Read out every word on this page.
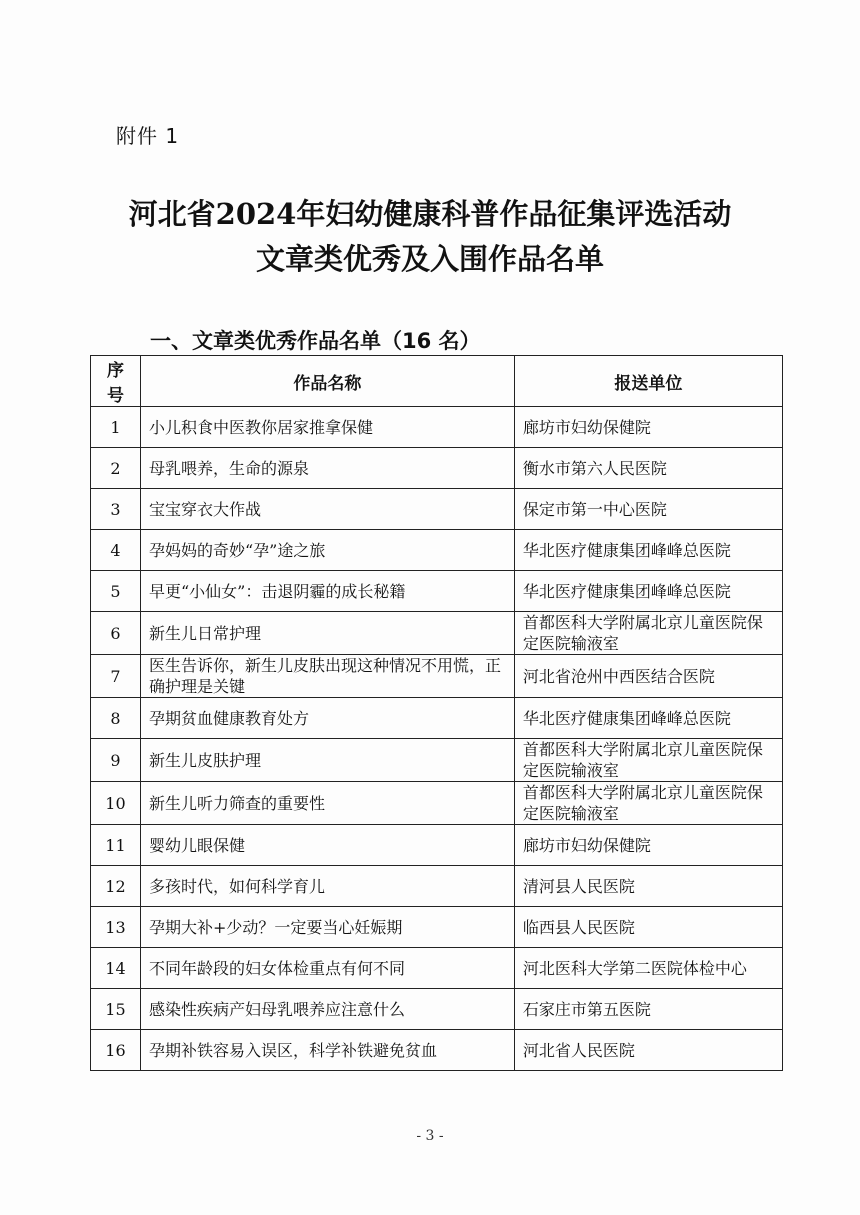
附件 1
河北省2024年妇幼健康科普作品征集评选活动
文章类优秀及入围作品名单
一、文章类优秀作品名单（16 名）
序号	作品名称	报送单位
1	小儿积食中医教你居家推拿保健	廊坊市妇幼保健院
2	母乳喂养，生命的源泉	衡水市第六人民医院
3	宝宝穿衣大作战	保定市第一中心医院
4	孕妈妈的奇妙“孕”途之旅	华北医疗健康集团峰峰总医院
5	早更“小仙女”：击退阴霾的成长秘籍	华北医疗健康集团峰峰总医院
6	新生儿日常护理	首都医科大学附属北京儿童医院保定医院输液室
7	医生告诉你，新生儿皮肤出现这种情况不用慌，正确护理是关键	河北省沧州中西医结合医院
8	孕期贫血健康教育处方	华北医疗健康集团峰峰总医院
9	新生儿皮肤护理	首都医科大学附属北京儿童医院保定医院输液室
10	新生儿听力筛查的重要性	首都医科大学附属北京儿童医院保定医院输液室
11	婴幼儿眼保健	廊坊市妇幼保健院
12	多孩时代，如何科学育儿	清河县人民医院
13	孕期大补+少动？一定要当心妊娠期	临西县人民医院
14	不同年龄段的妇女体检重点有何不同	河北医科大学第二医院体检中心
15	感染性疾病产妇母乳喂养应注意什么	石家庄市第五医院
16	孕期补铁容易入误区，科学补铁避免贫血	河北省人民医院
- 3 -
